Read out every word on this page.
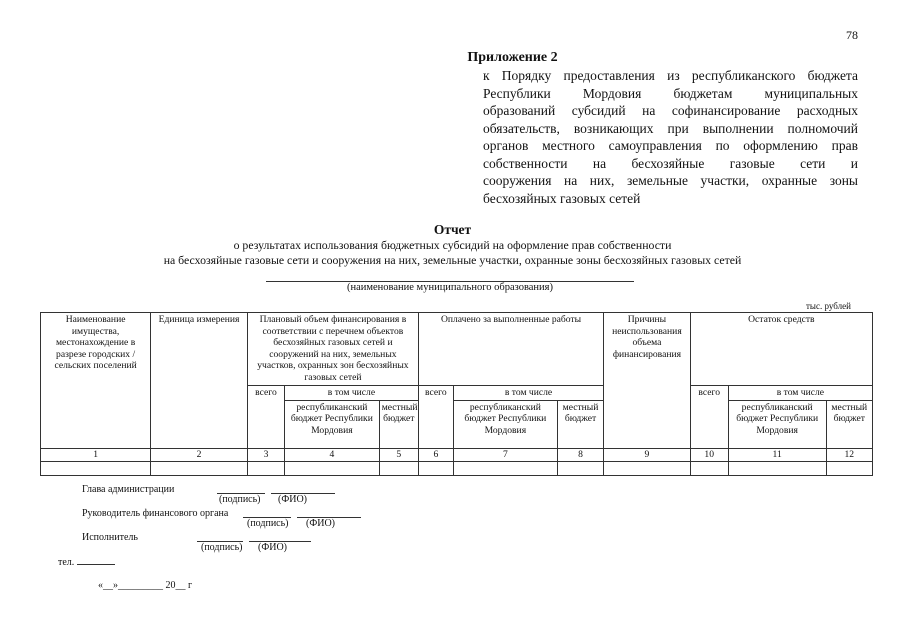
78
Приложение 2
к Порядку предоставления из республиканского бюджета
Республики Мордовия бюджетам муниципальных
образований субсидий на софинансирование расходных
обязательств, возникающих при выполнении полномочий
органов местного самоуправления по оформлению прав
собственности на бесхозяйные газовые сети и
сооружения на них, земельные участки, охранные зоны
бесхозяйных газовых сетей
Отчет
о результатах использования бюджетных субсидий на оформление прав собственности
на бесхозяйные газовые сети и сооружения на них, земельные участки, охранные зоны бесхозяйных газовых сетей
(наименование муниципального образования)
тыс. рублей
Наименование имущества, местонахождение в разрезе городских / сельских поселений	Единица измерения	Плановый объем финансирования в соответствии с перечнем объектов бесхозяйных газовых сетей и сооружений на них, земельных участков, охранных зон бесхозяйных газовых сетей			Оплачено за выполненные работы			Причины неиспользования объема финансирования	Остаток средств		
		всего	в том числе		всего	в том числе			всего	в том числе	
			республиканский бюджет Республики Мордовия	местный бюджет		республиканский бюджет Республики Мордовия	местный бюджет			республиканский бюджет Республики Мордовия	местный бюджет
1	2	3	4	5	6	7	8	9	10	11	12

Глава администрации
(подпись) (ФИО)
Руководитель финансового органа
(подпись) (ФИО)
Исполнитель
(подпись) (ФИО)
тел.
«__»_________ 20__ г
